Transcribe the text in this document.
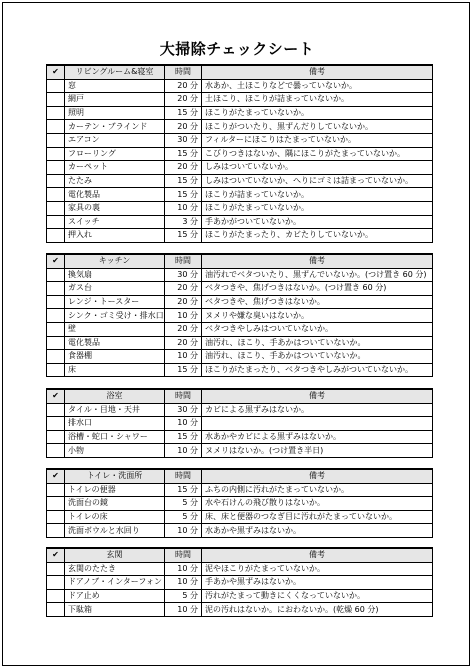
大掃除チェックシート
✔	リビングルーム&寝室	時間	備考
	窓	20 分	水あか、土ほこりなどで曇っていないか。
	網戸	20 分	土ほこり、ほこりが詰まっていないか。
	照明	15 分	ほこりがたまっていないか。
	カーテン・ブラインド	20 分	ほこりがついたり、黒ずんだりしていないか。
	エアコン	30 分	フィルターにほこりはたまっていないか。
	フローリング	15 分	こびりつきはないか、隅にほこりがたまっていないか。
	カーペット	20 分	しみはついていないか。
	たたみ	15 分	しみはついていないか、へりにゴミは詰まっていないか。
	電化製品	15 分	ほこりが詰まっていないか。
	家具の裏	10 分	ほこりがたまっていないか。
	スイッチ	3 分	手あかがついていないか。
	押入れ	15 分	ほこりがたまったり、カビたりしていないか。
✔	キッチン	時間	備考
	換気扇	30 分	油汚れでベタついたり、黒ずんでいないか。(つけ置き 60 分)
	ガス台	20 分	ベタつきや、焦げつきはないか。(つけ置き 60 分)
	レンジ・トースター	20 分	ベタつきや、焦げつきはないか。
	シンク・ゴミ受け・排水口	10 分	ヌメリや嫌な臭いはないか。
	壁	20 分	ベタつきやしみはついていないか。
	電化製品	20 分	油汚れ、ほこり、手あかはついていないか。
	食器棚	10 分	油汚れ、ほこり、手あかはついていないか。
	床	15 分	ほこりがたまったり、ベタつきやしみがついていないか。
✔	浴室	時間	備考
	タイル・目地・天井	30 分	カビによる黒ずみはないか。
	排水口	10 分	
	浴槽・蛇口・シャワー	15 分	水あかやカビによる黒ずみはないか。
	小物	10 分	ヌメリはないか。(つけ置き半日)
✔	トイレ・洗面所	時間	備考
	トイレの便器	15 分	ふちの内側に汚れがたまっていないか。
	洗面台の鏡	5 分	水や石けんの飛び散りはないか。
	トイレの床	5 分	床、床と便器のつなぎ目に汚れがたまっていないか。
	洗面ボウルと水回り	10 分	水あかや黒ずみはないか。
✔	玄関	時間	備考
	玄関のたたき	10 分	泥やほこりがたまっていないか。
	ドアノブ・インターフォン	10 分	手あかや黒ずみはないか。
	ドア止め	5 分	汚れがたまって動きにくくなっていないか。
	下駄箱	10 分	泥の汚れはないか。におわないか。(乾燥 60 分)
